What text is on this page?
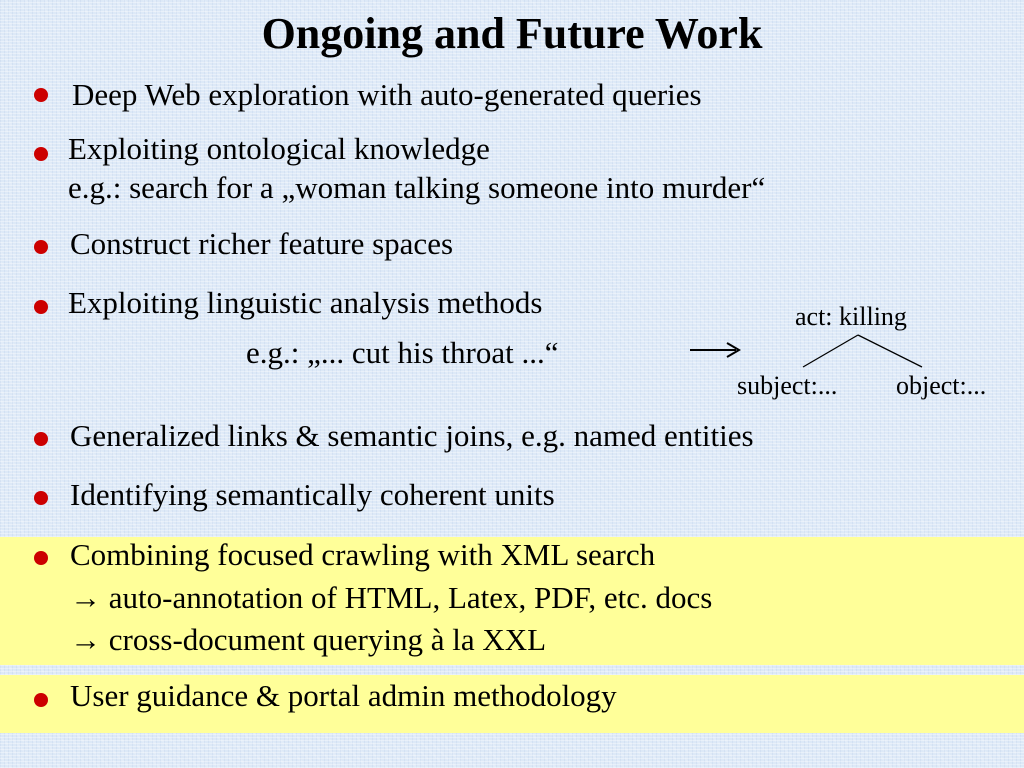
Ongoing and Future Work
Deep Web exploration with auto-generated queries
Exploiting ontological knowledge
e.g.: search for a „woman talking someone into murder“
Construct richer feature spaces
Exploiting linguistic analysis methods
e.g.: „... cut his throat ...“
act: killing
subject:... object:...
Generalized links & semantic joins, e.g. named entities
Identifying semantically coherent units
Combining focused crawling with XML search
→ auto-annotation of HTML, Latex, PDF, etc. docs
→ cross-document querying à la XXL
User guidance & portal admin methodology
